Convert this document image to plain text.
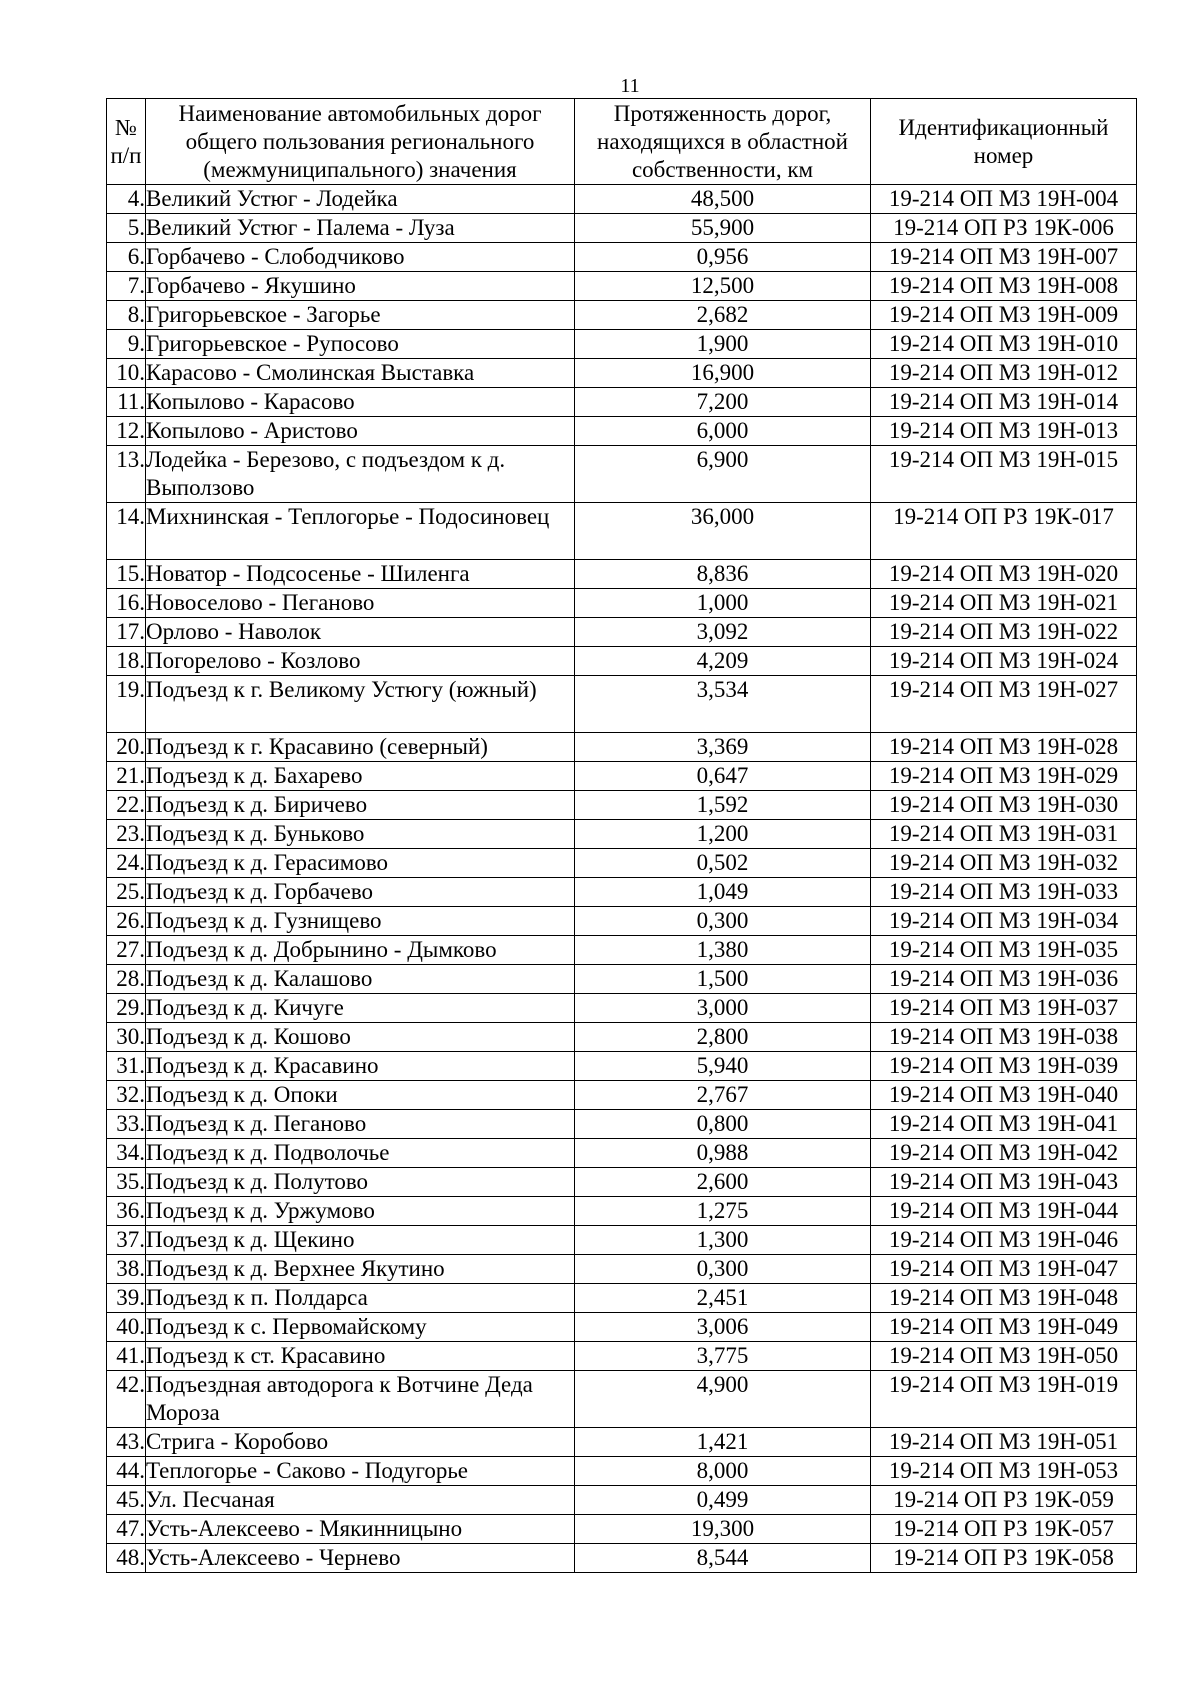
11
№ п/п	Наименование автомобильных дорог общего пользования регионального (межмуниципального) значения	Протяженность дорог, находящихся в областной собственности, км	Идентификационный номер
4.	Великий Устюг - Лодейка	48,500	19-214 ОП МЗ 19Н-004
5.	Великий Устюг - Палема - Луза	55,900	19-214 ОП РЗ 19К-006
6.	Горбачево - Слободчиково	0,956	19-214 ОП МЗ 19Н-007
7.	Горбачево - Якушино	12,500	19-214 ОП МЗ 19Н-008
8.	Григорьевское - Загорье	2,682	19-214 ОП МЗ 19Н-009
9.	Григорьевское - Рупосово	1,900	19-214 ОП МЗ 19Н-010
10.	Карасово - Смолинская Выставка	16,900	19-214 ОП МЗ 19Н-012
11.	Копылово - Карасово	7,200	19-214 ОП МЗ 19Н-014
12.	Копылово - Аристово	6,000	19-214 ОП МЗ 19Н-013
13.	Лодейка - Березово, с подъездом к д. Выползово	6,900	19-214 ОП МЗ 19Н-015
14.	Михнинская - Теплогорье - Подосиновец	36,000	19-214 ОП РЗ 19К-017
15.	Новатор - Подсосенье - Шиленга	8,836	19-214 ОП МЗ 19Н-020
16.	Новоселово - Пеганово	1,000	19-214 ОП МЗ 19Н-021
17.	Орлово - Наволок	3,092	19-214 ОП МЗ 19Н-022
18.	Погорелово - Козлово	4,209	19-214 ОП МЗ 19Н-024
19.	Подъезд к г. Великому Устюгу (южный)	3,534	19-214 ОП МЗ 19Н-027
20.	Подъезд к г. Красавино (северный)	3,369	19-214 ОП МЗ 19Н-028
21.	Подъезд к д. Бахарево	0,647	19-214 ОП МЗ 19Н-029
22.	Подъезд к д. Биричево	1,592	19-214 ОП МЗ 19Н-030
23.	Подъезд к д. Буньково	1,200	19-214 ОП МЗ 19Н-031
24.	Подъезд к д. Герасимово	0,502	19-214 ОП МЗ 19Н-032
25.	Подъезд к д. Горбачево	1,049	19-214 ОП МЗ 19Н-033
26.	Подъезд к д. Гузнищево	0,300	19-214 ОП МЗ 19Н-034
27.	Подъезд к д. Добрынино - Дымково	1,380	19-214 ОП МЗ 19Н-035
28.	Подъезд к д. Калашово	1,500	19-214 ОП МЗ 19Н-036
29.	Подъезд к д. Кичуге	3,000	19-214 ОП МЗ 19Н-037
30.	Подъезд к д. Кошово	2,800	19-214 ОП МЗ 19Н-038
31.	Подъезд к д. Красавино	5,940	19-214 ОП МЗ 19Н-039
32.	Подъезд к д. Опоки	2,767	19-214 ОП МЗ 19Н-040
33.	Подъезд к д. Пеганово	0,800	19-214 ОП МЗ 19Н-041
34.	Подъезд к д. Подволочье	0,988	19-214 ОП МЗ 19Н-042
35.	Подъезд к д. Полутово	2,600	19-214 ОП МЗ 19Н-043
36.	Подъезд к д. Уржумово	1,275	19-214 ОП МЗ 19Н-044
37.	Подъезд к д. Щекино	1,300	19-214 ОП МЗ 19Н-046
38.	Подъезд к д. Верхнее Якутино	0,300	19-214 ОП МЗ 19Н-047
39.	Подъезд к п. Полдарса	2,451	19-214 ОП МЗ 19Н-048
40.	Подъезд к с. Первомайскому	3,006	19-214 ОП МЗ 19Н-049
41.	Подъезд к ст. Красавино	3,775	19-214 ОП МЗ 19Н-050
42.	Подъездная автодорога к Вотчине Деда Мороза	4,900	19-214 ОП МЗ 19Н-019
43.	Стрига - Коробово	1,421	19-214 ОП МЗ 19Н-051
44.	Теплогорье - Саково - Подугорье	8,000	19-214 ОП МЗ 19Н-053
45.	Ул. Песчаная	0,499	19-214 ОП РЗ 19К-059
47.	Усть-Алексеево - Мякинницыно	19,300	19-214 ОП РЗ 19К-057
48.	Усть-Алексеево - Чернево	8,544	19-214 ОП РЗ 19К-058
